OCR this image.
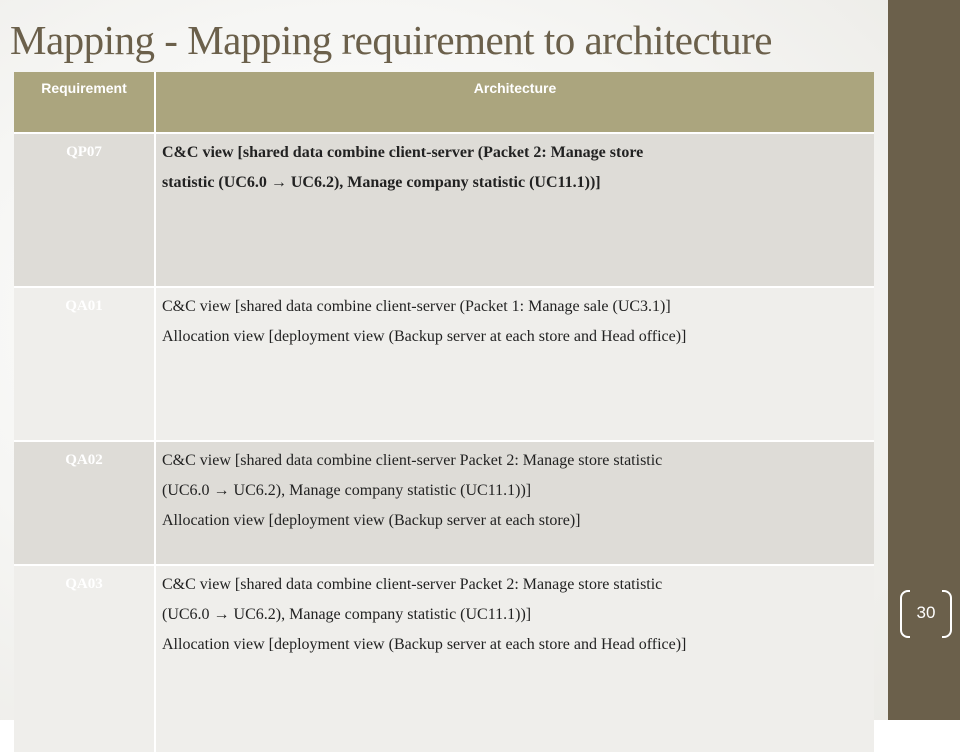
Mapping - Mapping requirement to architecture
Requirement	Architecture
QP07	C&C view [shared data combine client-server (Packet 2: Manage store
statistic (UC6.0 → UC6.2), Manage company statistic (UC11.1))]

QA01	C&C view [shared data combine client-server (Packet 1: Manage sale (UC3.1)]
Allocation view [deployment view (Backup server at each store and Head office)]

QA02	C&C view [shared data combine client-server Packet 2: Manage store statistic
(UC6.0 → UC6.2), Manage company statistic (UC11.1))]
Allocation view [deployment view (Backup server at each store)]

QA03	C&C view [shared data combine client-server Packet 2: Manage store statistic
(UC6.0 → UC6.2), Manage company statistic (UC11.1))]
Allocation view [deployment view (Backup server at each store and Head office)]
30
